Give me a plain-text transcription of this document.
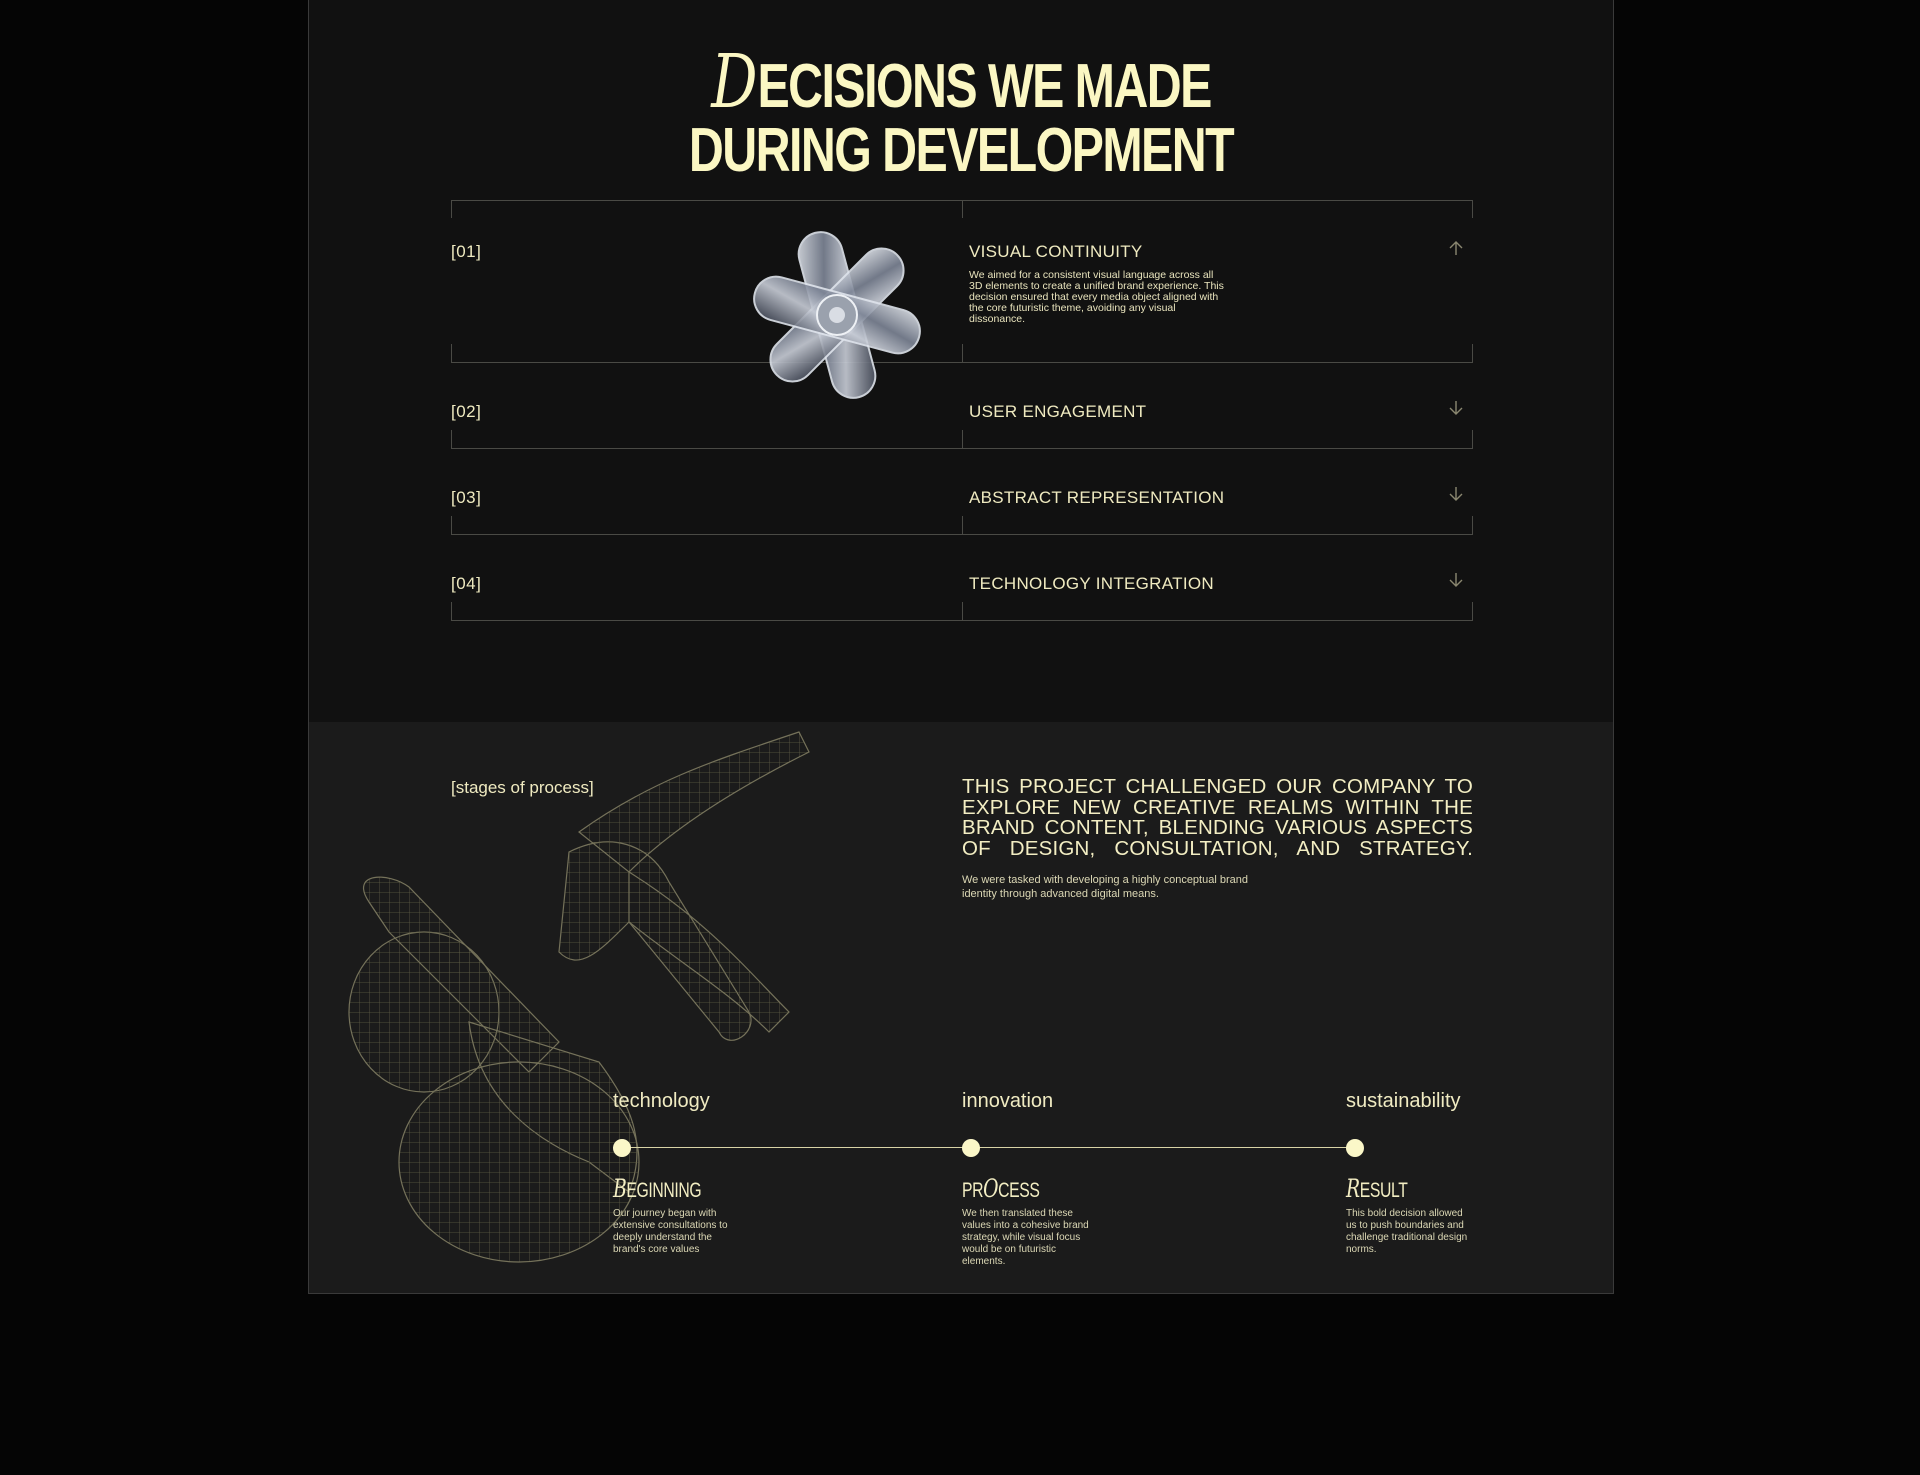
DECISIONS WE MADE
DURING DEVELOPMENT
[01]	VISUAL CONTINUITY
We aimed for a consistent visual language across all 3D elements to create a unified brand experience. This decision ensured that every media object aligned with the core futuristic theme, avoiding any visual dissonance.
[02]	USER ENGAGEMENT
[03]	ABSTRACT REPRESENTATION
[04]	TECHNOLOGY INTEGRATION
[stages of process]	THIS PROJECT CHALLENGED OUR COMPANY TO EXPLORE NEW CREATIVE REALMS WITHIN THE BRAND CONTENT, BLENDING VARIOUS ASPECTS OF DESIGN, CONSULTATION, AND STRATEGY.
We were tasked with developing a highly conceptual brand identity through advanced digital means.
technology
BEGINNING
Our journey began with extensive consultations to deeply understand the brand's core values
innovation
PROCESS
We then translated these values into a cohesive brand strategy, while visual focus would be on futuristic elements.
sustainability
RESULT
This bold decision allowed us to push boundaries and challenge traditional design norms.
